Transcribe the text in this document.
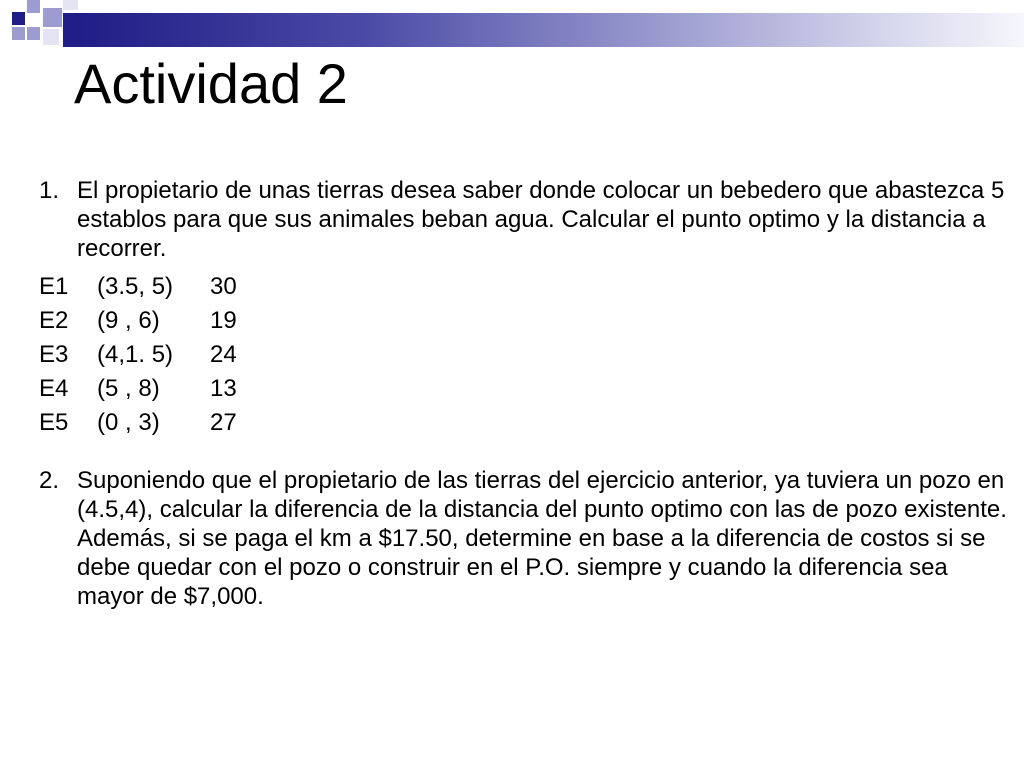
Actividad 2

1. El propietario de unas tierras desea saber donde colocar un bebedero que abastezca 5 establos para que sus animales beban agua. Calcular el punto optimo y la distancia a recorrer.

E1	(3.5, 5)	30
E2	(9 , 6)	19
E3	(4,1. 5)	24
E4	(5 , 8)	13
E5	(0 , 3)	27

2. Suponiendo que el propietario de las tierras del ejercicio anterior, ya tuviera un pozo en (4.5,4), calcular la diferencia de la distancia del punto optimo con las de pozo existente. Además, si se paga el km a $17.50, determine en base a la diferencia de costos si se debe quedar con el pozo o construir en el P.O. siempre y cuando la diferencia sea mayor de $7,000.
